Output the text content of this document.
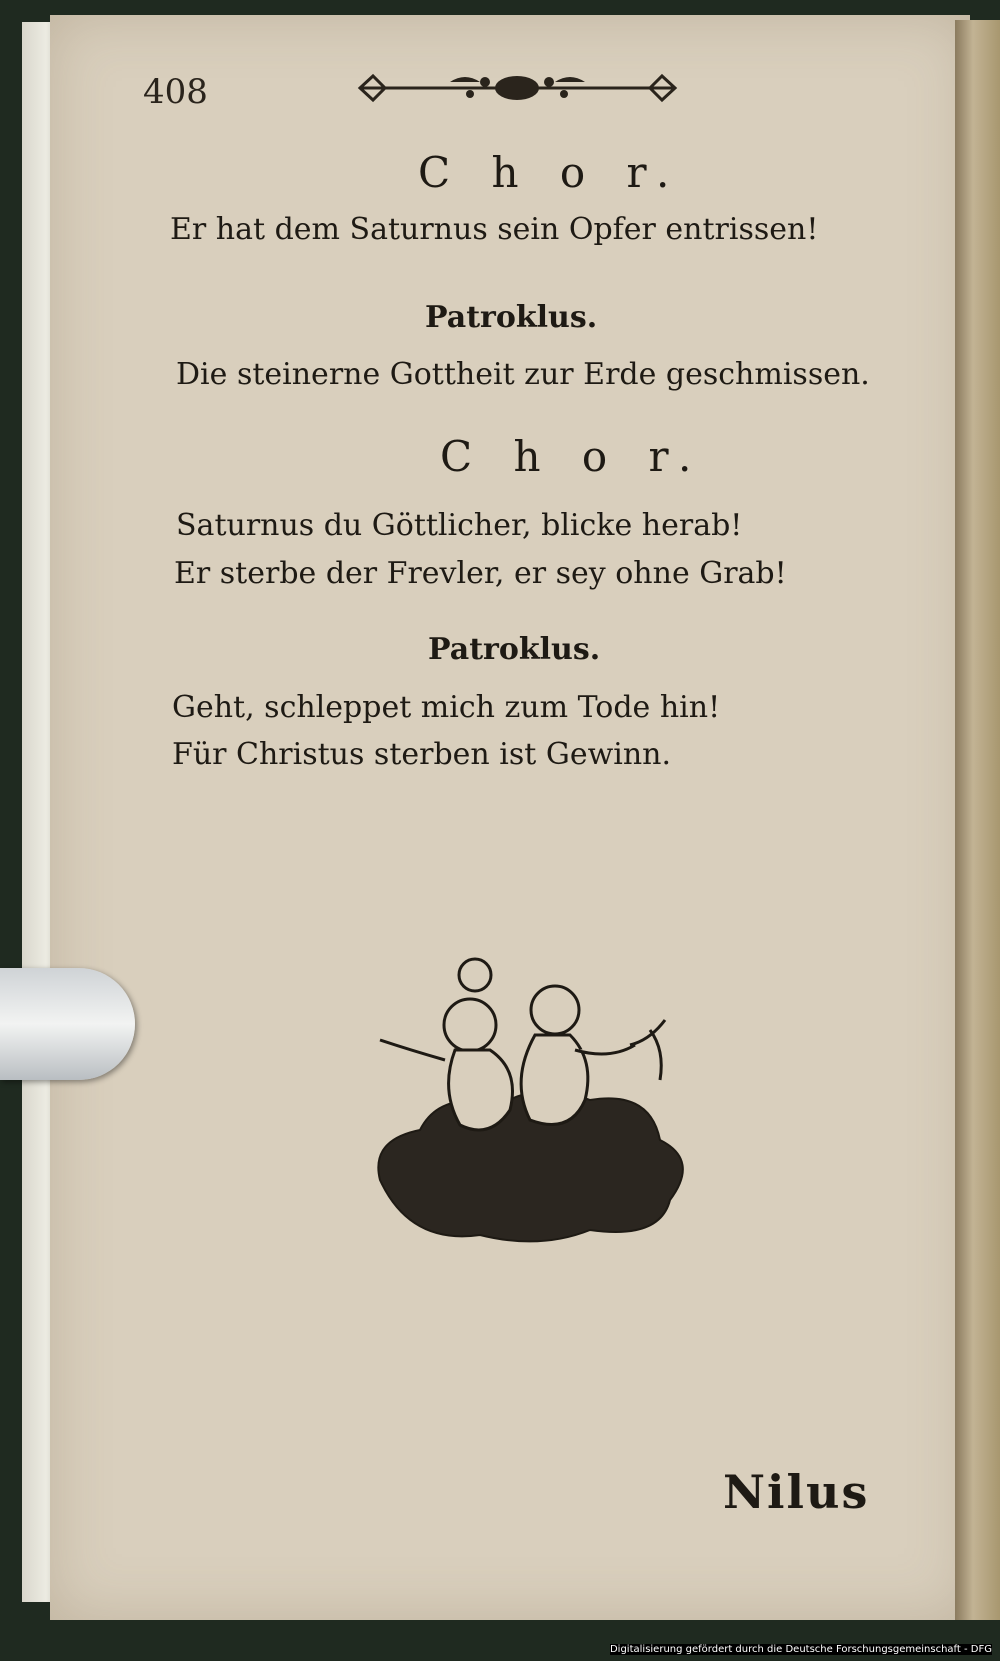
408
C h o r.
Er hat dem Saturnus sein Opfer entrissen!
Patroklus.
Die steinerne Gottheit zur Erde geschmissen.
C h o r.
Saturnus du Göttlicher, blicke herab!
Er sterbe der Frevler, er sey ohne Grab!
Patroklus.
Geht, schleppet mich zum Tode hin!
Für Christus sterben ist Gewinn.
Nilus
Digitalisierung gefördert durch die Deutsche Forschungsgemeinschaft - DFG
